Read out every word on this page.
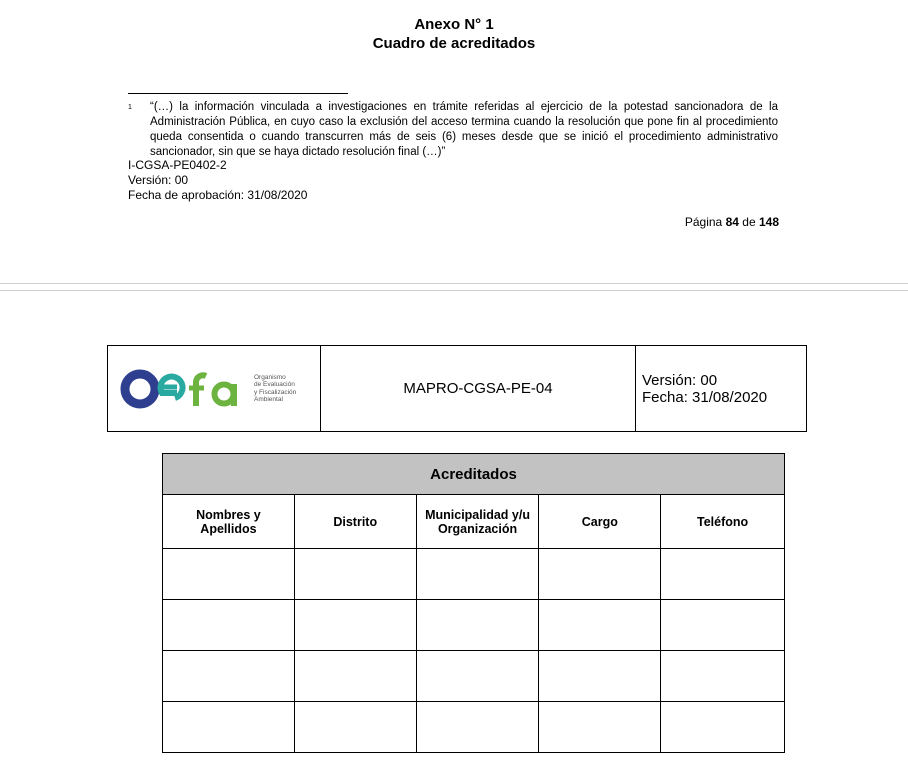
Anexo N° 1
Cuadro de acreditados
1 “(…) la información vinculada a investigaciones en trámite referidas al ejercicio de la potestad sancionadora de la Administración Pública, en cuyo caso la exclusión del acceso termina cuando la resolución que pone fin al procedimiento queda consentida o cuando transcurren más de seis (6) meses desde que se inició el procedimiento administrativo sancionador, sin que se haya dictado resolución final (…)”
I-CGSA-PE0402-2
Versión: 00
Fecha de aprobación: 31/08/2020
Página 84 de 148
Organismo
de Evaluación
y Fiscalización
Ambiental
MAPRO-CGSA-PE-04	Versión: 00
Fecha: 31/08/2020
Acreditados				
Nombres y Apellidos	Distrito	Municipalidad y/u Organización	Cargo	Teléfono
